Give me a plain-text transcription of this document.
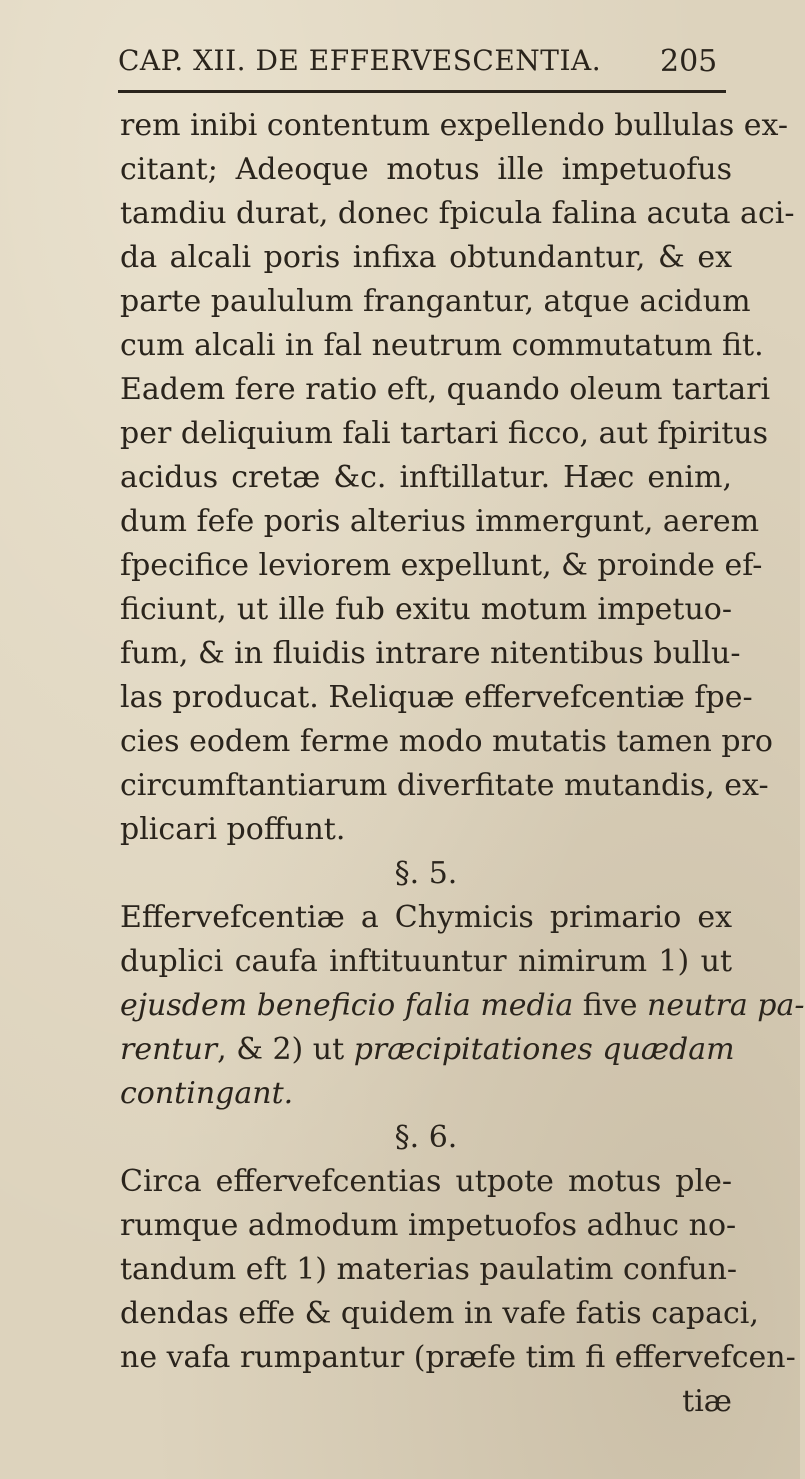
CAP. XII. DE EFFERVESCENTIA. 205
rem inibi contentum expellendo bullulas ex-
citant; Adeoque motus ille impetuofus
tamdiu durat, donec fpicula falina acuta aci-
da alcali poris infixa obtundantur, & ex
parte paululum frangantur, atque acidum
cum alcali in fal neutrum commutatum fit.
Eadem fere ratio eft, quando oleum tartari
per deliquium fali tartari ficco, aut fpiritus
acidus cretæ &c. inftillatur. Hæc enim,
dum fefe poris alterius immergunt, aerem
fpecifice leviorem expellunt, & proinde ef-
ficiunt, ut ille fub exitu motum impetuo-
fum, & in fluidis intrare nitentibus bullu-
las producat. Reliquæ effervefcentiæ fpe-
cies eodem ferme modo mutatis tamen pro
circumftantiarum diverfitate mutandis, ex-
plicari poffunt.
§. 5.
Effervefcentiæ a Chymicis primario ex
duplici caufa inftituuntur nimirum 1) ut
ejusdem beneficio falia media five neutra pa-
rentur, & 2) ut præcipitationes quædam
contingant.
§. 6.
Circa effervefcentias utpote motus ple-
rumque admodum impetuofos adhuc no-
tandum eft 1) materias paulatim confun-
dendas effe & quidem in vafe fatis capaci,
ne vafa rumpantur (præfe tim fi effervefcen-
tiæ
